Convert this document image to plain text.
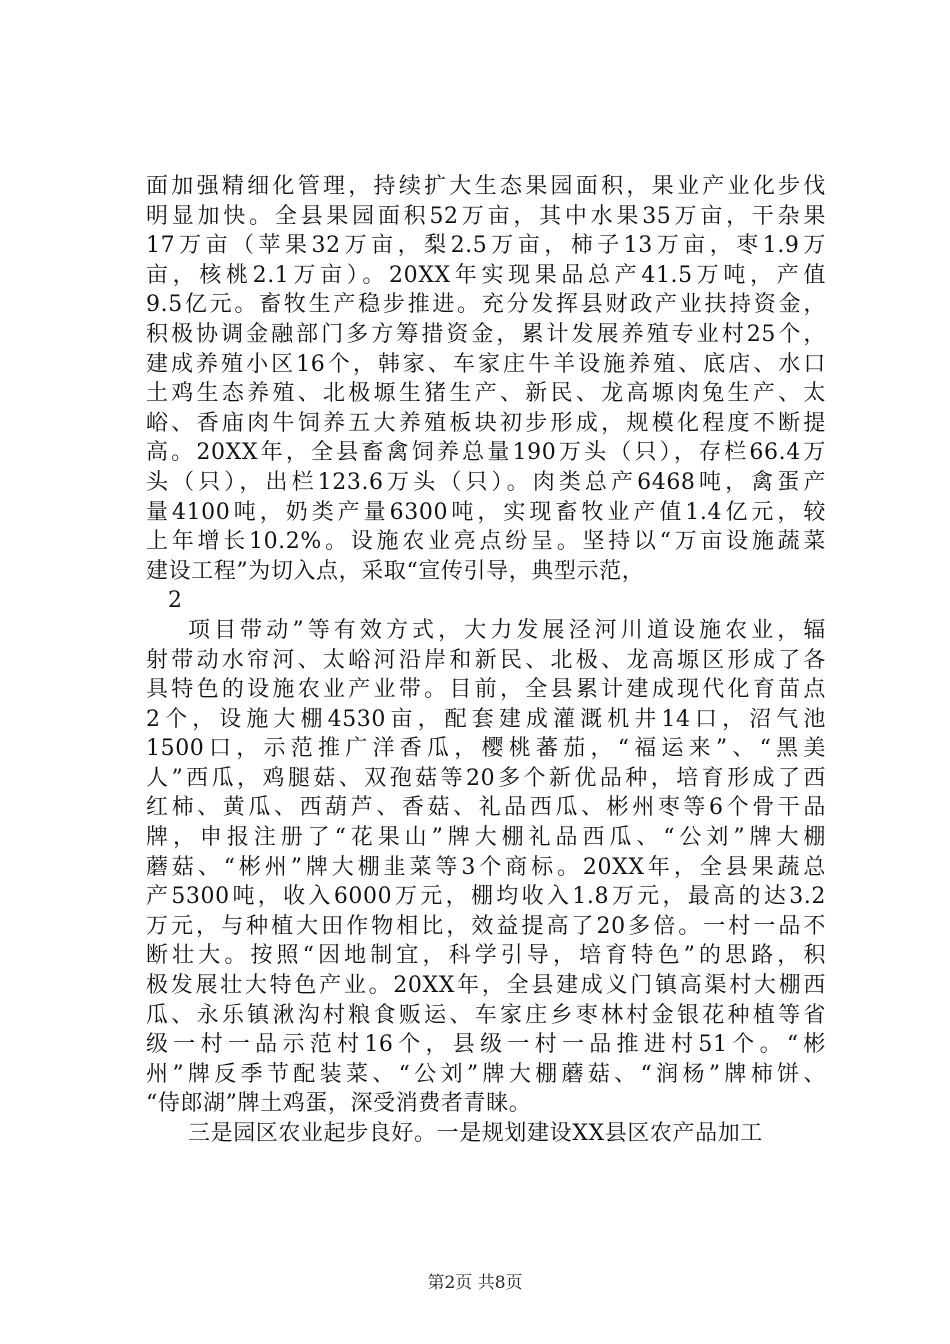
面加强精细化管理，持续扩大生态果园面积，果业产业化步伐
明显加快。全县果园面积52万亩，其中水果35万亩，干杂果
17万亩（苹果32万亩，梨2.5万亩，柿子13万亩，枣1.9万
亩，核桃2.1万亩）。20XX年实现果品总产41.5万吨，产值
9.5亿元。畜牧生产稳步推进。充分发挥县财政产业扶持资金，
积极协调金融部门多方筹措资金，累计发展养殖专业村25个，
建成养殖小区16个，韩家、车家庄牛羊设施养殖、底店、水口
土鸡生态养殖、北极塬生猪生产、新民、龙高塬肉兔生产、太
峪、香庙肉牛饲养五大养殖板块初步形成，规模化程度不断提
高。20XX年，全县畜禽饲养总量190万头（只），存栏66.4万
头（只），出栏123.6万头（只）。肉类总产6468吨，禽蛋产
量4100吨，奶类产量6300吨，实现畜牧业产值1.4亿元，较
上年增长10.2%。设施农业亮点纷呈。坚持以“万亩设施蔬菜
建设工程”为切入点，采取“宣传引导，典型示范，
2
项目带动”等有效方式，大力发展泾河川道设施农业，辐
射带动水帘河、太峪河沿岸和新民、北极、龙高塬区形成了各
具特色的设施农业产业带。目前，全县累计建成现代化育苗点
2个，设施大棚4530亩，配套建成灌溉机井14口，沼气池
1500口，示范推广洋香瓜，樱桃蕃茄，“福运来”、“黑美
人”西瓜，鸡腿菇、双孢菇等20多个新优品种，培育形成了西
红柿、黄瓜、西葫芦、香菇、礼品西瓜、彬州枣等6个骨干品
牌，申报注册了“花果山”牌大棚礼品西瓜、“公刘”牌大棚
蘑菇、“彬州”牌大棚韭菜等3个商标。20XX年，全县果蔬总
产5300吨，收入6000万元，棚均收入1.8万元，最高的达3.2
万元，与种植大田作物相比，效益提高了20多倍。一村一品不
断壮大。按照“因地制宜，科学引导，培育特色”的思路，积
极发展壮大特色产业。20XX年，全县建成义门镇高渠村大棚西
瓜、永乐镇湫沟村粮食贩运、车家庄乡枣林村金银花种植等省
级一村一品示范村16个，县级一村一品推进村51个。“彬
州”牌反季节配装菜、“公刘”牌大棚蘑菇、“润杨”牌柿饼、
“侍郎湖”牌土鸡蛋，深受消费者青睐。
三是园区农业起步良好。一是规划建设XX县区农产品加工
第2页 共8页
